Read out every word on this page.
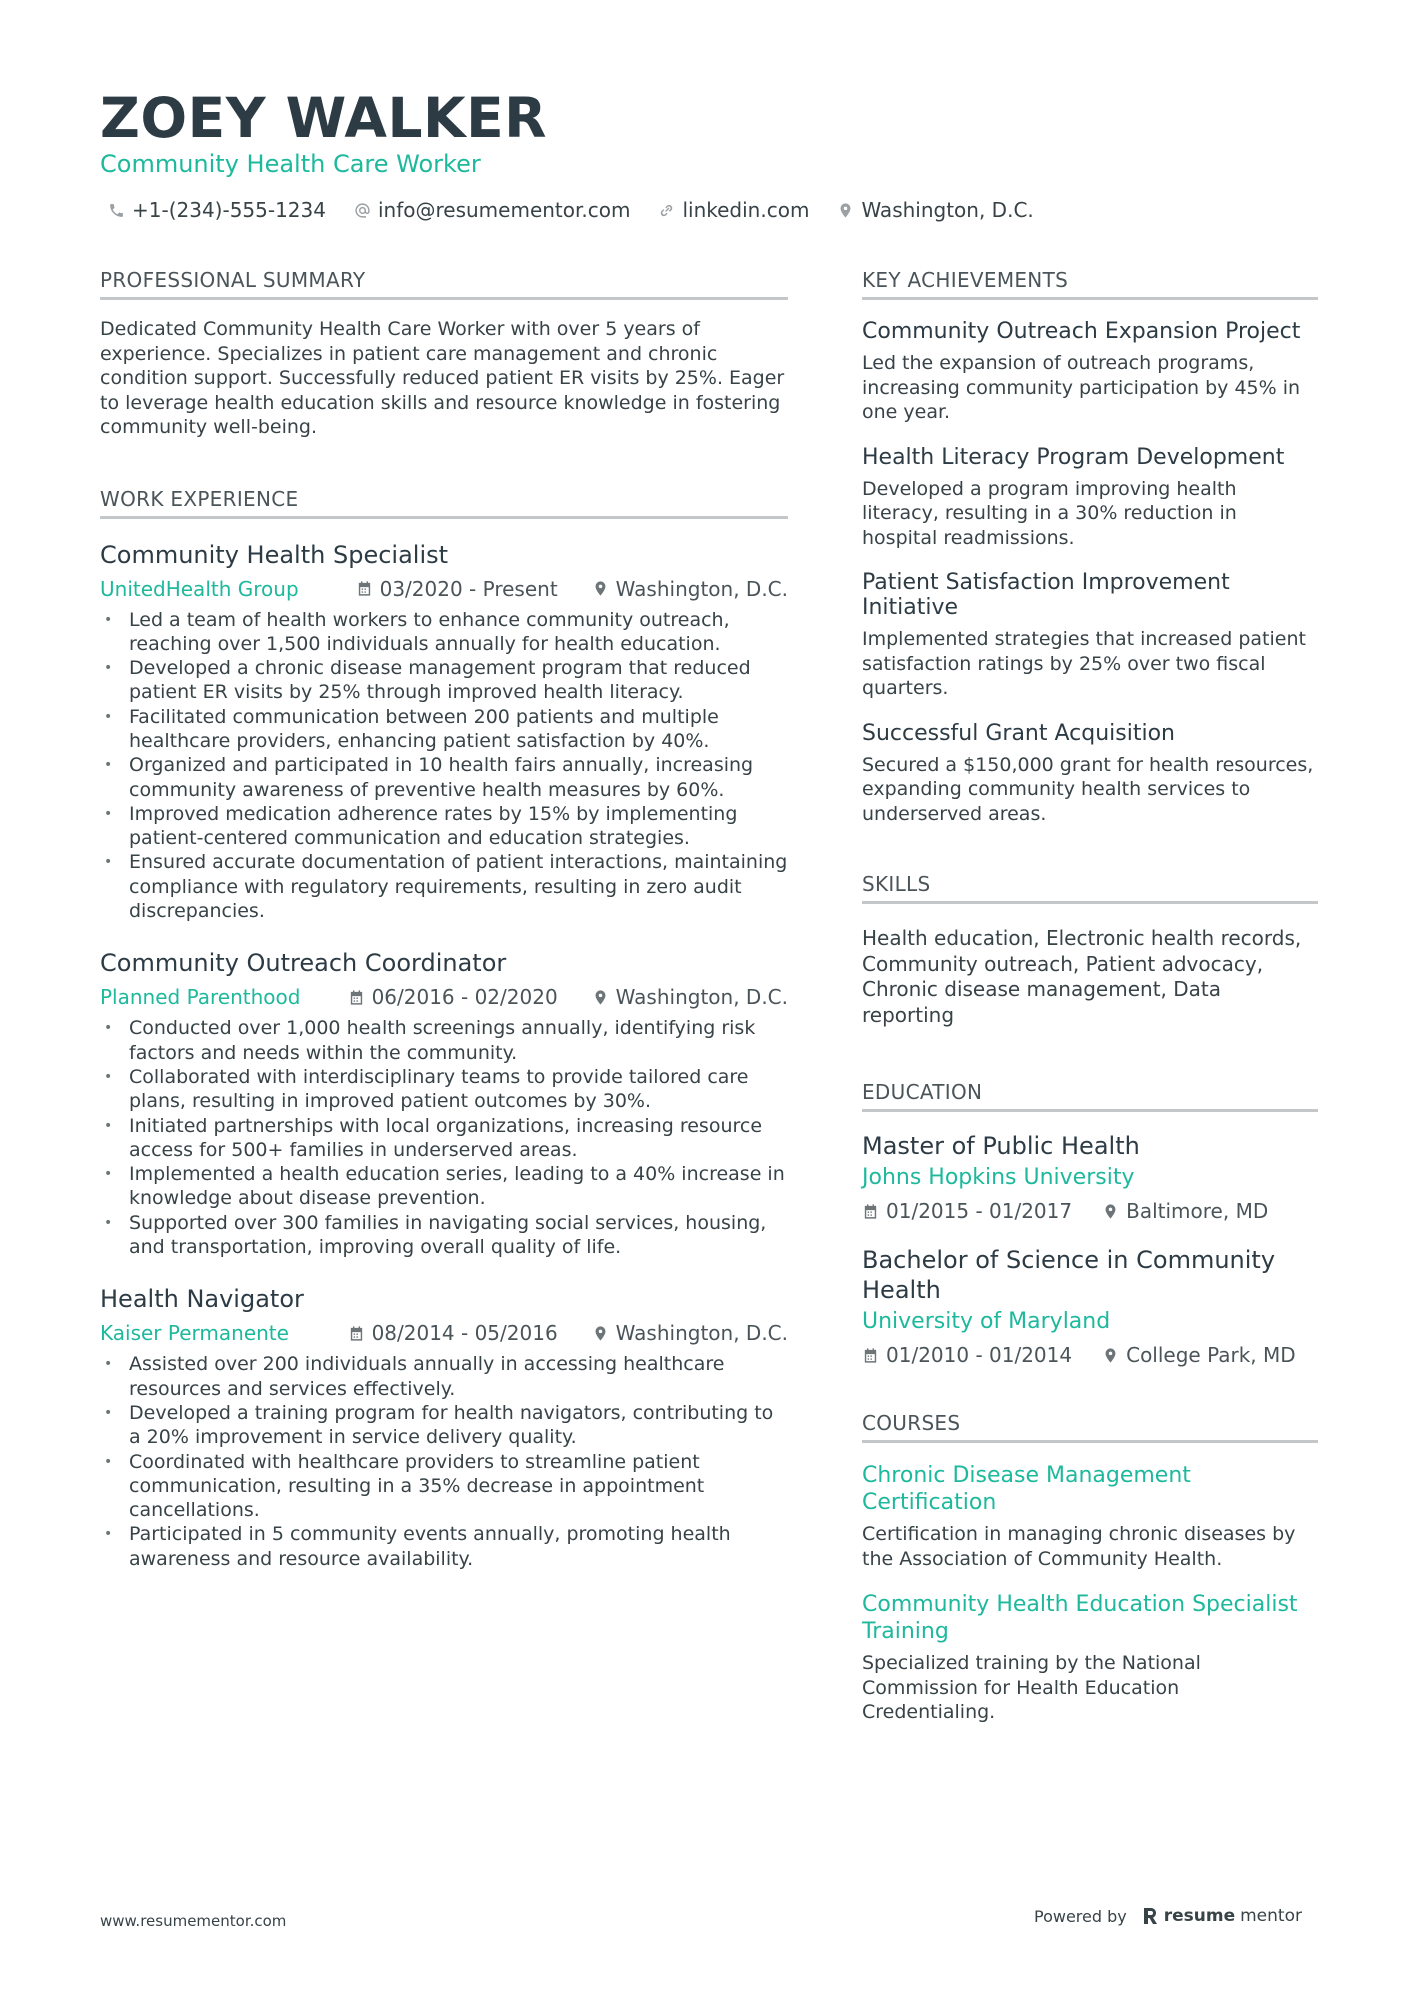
ZOEY WALKER
Community Health Care Worker
+1-(234)-555-1234	info@resumementor.com	linkedin.com	Washington, D.C.
PROFESSIONAL SUMMARY

Dedicated Community Health Care Worker with over 5 years of experience. Specializes in patient care management and chronic condition support. Successfully reduced patient ER visits by 25%. Eager to leverage health education skills and resource knowledge in fostering community well-being.

WORK EXPERIENCE
Community Health Specialist
UnitedHealth Group	03/2020 - Present	Washington, D.C.
• Led a team of health workers to enhance community outreach, reaching over 1,500 individuals annually for health education.
• Developed a chronic disease management program that reduced patient ER visits by 25% through improved health literacy.
• Facilitated communication between 200 patients and multiple healthcare providers, enhancing patient satisfaction by 40%.
• Organized and participated in 10 health fairs annually, increasing community awareness of preventive health measures by 60%.
• Improved medication adherence rates by 15% by implementing patient-centered communication and education strategies.
• Ensured accurate documentation of patient interactions, maintaining compliance with regulatory requirements, resulting in zero audit discrepancies.
Community Outreach Coordinator
Planned Parenthood	06/2016 - 02/2020	Washington, D.C.
• Conducted over 1,000 health screenings annually, identifying risk factors and needs within the community.
• Collaborated with interdisciplinary teams to provide tailored care plans, resulting in improved patient outcomes by 30%.
• Initiated partnerships with local organizations, increasing resource access for 500+ families in underserved areas.
• Implemented a health education series, leading to a 40% increase in knowledge about disease prevention.
• Supported over 300 families in navigating social services, housing, and transportation, improving overall quality of life.
Health Navigator
Kaiser Permanente	08/2014 - 05/2016	Washington, D.C.
• Assisted over 200 individuals annually in accessing healthcare resources and services effectively.
• Developed a training program for health navigators, contributing to a 20% improvement in service delivery quality.
• Coordinated with healthcare providers to streamline patient communication, resulting in a 35% decrease in appointment cancellations.
• Participated in 5 community events annually, promoting health awareness and resource availability.
KEY ACHIEVEMENTS
Community Outreach Expansion Project
Led the expansion of outreach programs, increasing community participation by 45% in one year.
Health Literacy Program Development
Developed a program improving health literacy, resulting in a 30% reduction in hospital readmissions.
Patient Satisfaction Improvement Initiative
Implemented strategies that increased patient satisfaction ratings by 25% over two fiscal quarters.
Successful Grant Acquisition
Secured a $150,000 grant for health resources, expanding community health services to underserved areas.
SKILLS

Health education, Electronic health records, Community outreach, Patient advocacy, Chronic disease management, Data reporting

EDUCATION
Master of Public Health
Johns Hopkins University
01/2015 - 01/2017	Baltimore, MD
Bachelor of Science in Community Health
University of Maryland
01/2010 - 01/2014	College Park, MD
COURSES
Chronic Disease Management Certification
Certification in managing chronic diseases by the Association of Community Health.
Community Health Education Specialist Training
Specialized training by the National Commission for Health Education Credentialing.
www.resumementor.com	Powered by resume mentor
